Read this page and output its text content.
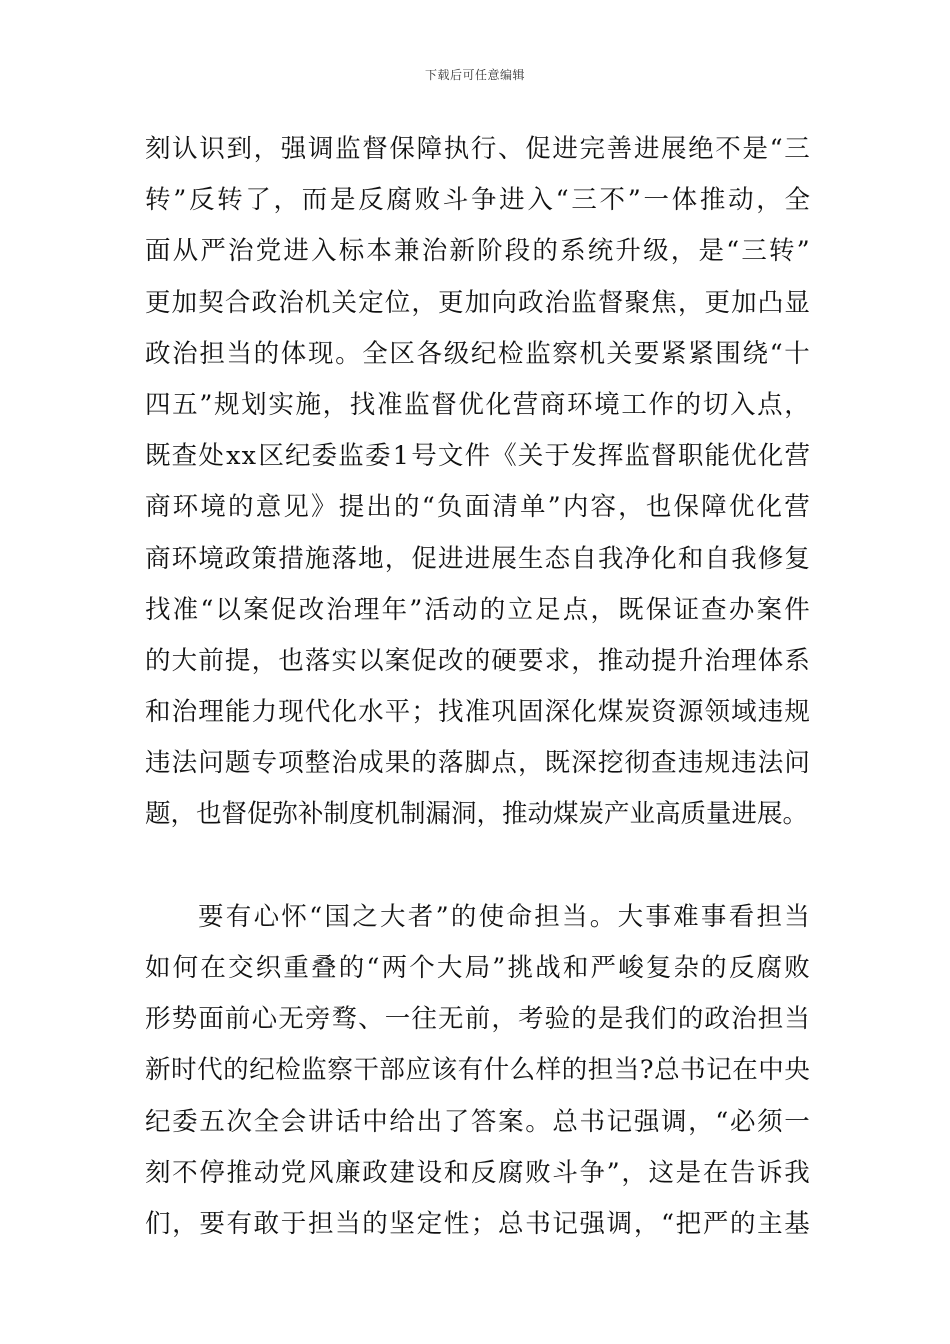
下载后可任意编辑
刻 认 识 到 ， 强 调 监 督 保 障 执 行 、 促 进 完 善 进 展 绝 不 是 “ 三
转 ” 反 转 了 ， 而 是 反 腐 败 斗 争 进 入 “ 三 不 ” 一 体 推 动 ， 全
面 从 严 治 党 进 入 标 本 兼 治 新 阶 段 的 系 统 升 级 ， 是 “ 三 转 ”
更 加 契 合 政 治 机 关 定 位 ， 更 加 向 政 治 监 督 聚 焦 ， 更 加 凸 显
政 治 担 当 的 体 现 。 全 区 各 级 纪 检 监 察 机 关 要 紧 紧 围 绕 “ 十
四 五 ” 规 划 实 施 ， 找 准 监 督 优 化 营 商 环 境 工 作 的 切 入 点 ，
既 查 处 x x 区 纪 委 监 委 1 号 文 件 《 关 于 发 挥 监 督 职 能 优 化 营
商 环 境 的 意 见 》 提 出 的 “ 负 面 清 单 ” 内 容 ， 也 保 障 优 化 营
商 环 境 政 策 措 施 落 地 ， 促 进 进 展 生 态 自 我 净 化 和 自 我 修 复
找 准 “ 以 案 促 改 治 理 年 ” 活 动 的 立 足 点 ， 既 保 证 查 办 案 件
的 大 前 提 ， 也 落 实 以 案 促 改 的 硬 要 求 ， 推 动 提 升 治 理 体 系
和 治 理 能 力 现 代 化 水 平 ； 找 准 巩 固 深 化 煤 炭 资 源 领 域 违 规
违 法 问 题 专 项 整 治 成 果 的 落 脚 点 ， 既 深 挖 彻 查 违 规 违 法 问
题，也督促弥补制度机制漏洞，推动煤炭产业高质量进展。
要 有 心 怀 “ 国 之 大 者 ” 的 使 命 担 当 。 大 事 难 事 看 担 当
如 何 在 交 织 重 叠 的 “ 两 个 大 局 ” 挑 战 和 严 峻 复 杂 的 反 腐 败
形 势 面 前 心 无 旁 骛 、 一 往 无 前 ， 考 验 的 是 我 们 的 政 治 担 当
新 时 代 的 纪 检 监 察 干 部 应 该 有 什 么 样 的 担 当 ? 总 书 记 在 中 央
纪 委 五 次 全 会 讲 话 中 给 出 了 答 案 。 总 书 记 强 调 ， “ 必 须 一
刻 不 停 推 动 党 风 廉 政 建 设 和 反 腐 败 斗 争 ” ， 这 是 在 告 诉 我
们 ， 要 有 敢 于 担 当 的 坚 定 性 ； 总 书 记 强 调 ， “ 把 严 的 主 基
